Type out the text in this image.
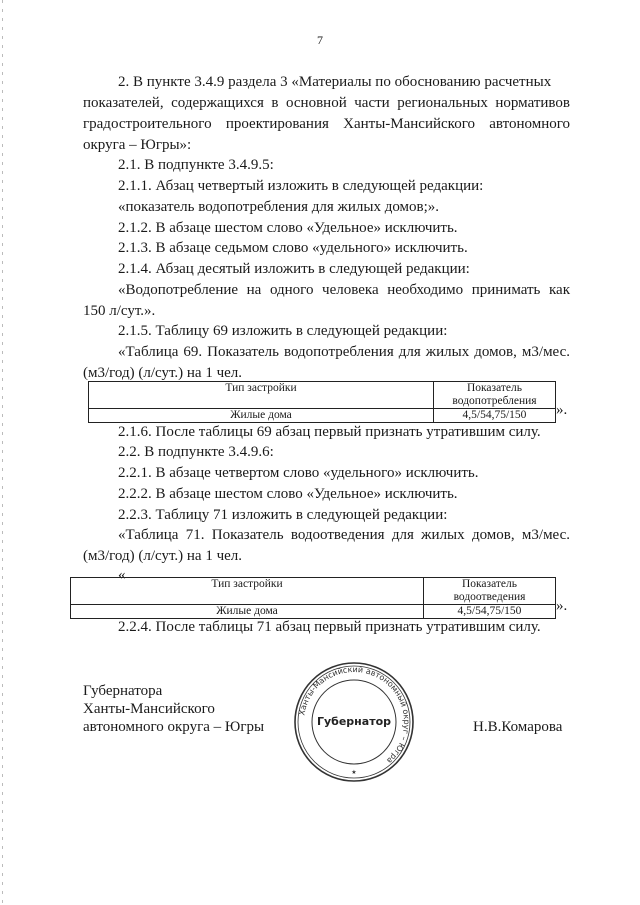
7
2. В пункте 3.4.9 раздела 3 «Материалы по обоснованию расчетных
показателей, содержащихся в основной части региональных нормативов
градостроительного проектирования Ханты-Мансийского автономного
округа – Югры»:
2.1. В подпункте 3.4.9.5:
2.1.1. Абзац четвертый изложить в следующей редакции:
«показатель водопотребления для жилых домов;».
2.1.2. В абзаце шестом слово «Удельное» исключить.
2.1.3. В абзаце седьмом слово «удельного» исключить.
2.1.4. Абзац десятый изложить в следующей редакции:
«Водопотребление на одного человека необходимо принимать как
150 л/сут.».
2.1.5. Таблицу 69 изложить в следующей редакции:
«Таблица 69. Показатель водопотребления для жилых домов, м3/мес.
(м3/год) (л/сут.) на 1 чел.
Тип застройки	Показатель
водопотребления

Жилые дома	4,5/54,75/150 ».
2.1.6. После таблицы 69 абзац первый признать утратившим силу.
2.2. В подпункте 3.4.9.6:
2.2.1. В абзаце четвертом слово «удельного» исключить.
2.2.2. В абзаце шестом слово «Удельное» исключить.
2.2.3. Таблицу 71 изложить в следующей редакции:
«Таблица 71. Показатель водоотведения для жилых домов, м3/мес.
(м3/год) (л/сут.) на 1 чел.
«
Тип застройки	Показатель
водоотведения

Жилые дома	4,5/54,75/150 ».
2.2.4. После таблицы 71 абзац первый признать утратившим силу.
Губернатора
Ханты-Мансийского
автономного округа – Югры	Н.В.Комарова
Ханты-Мансийский автономный округ – Югра
Губернатор
★
